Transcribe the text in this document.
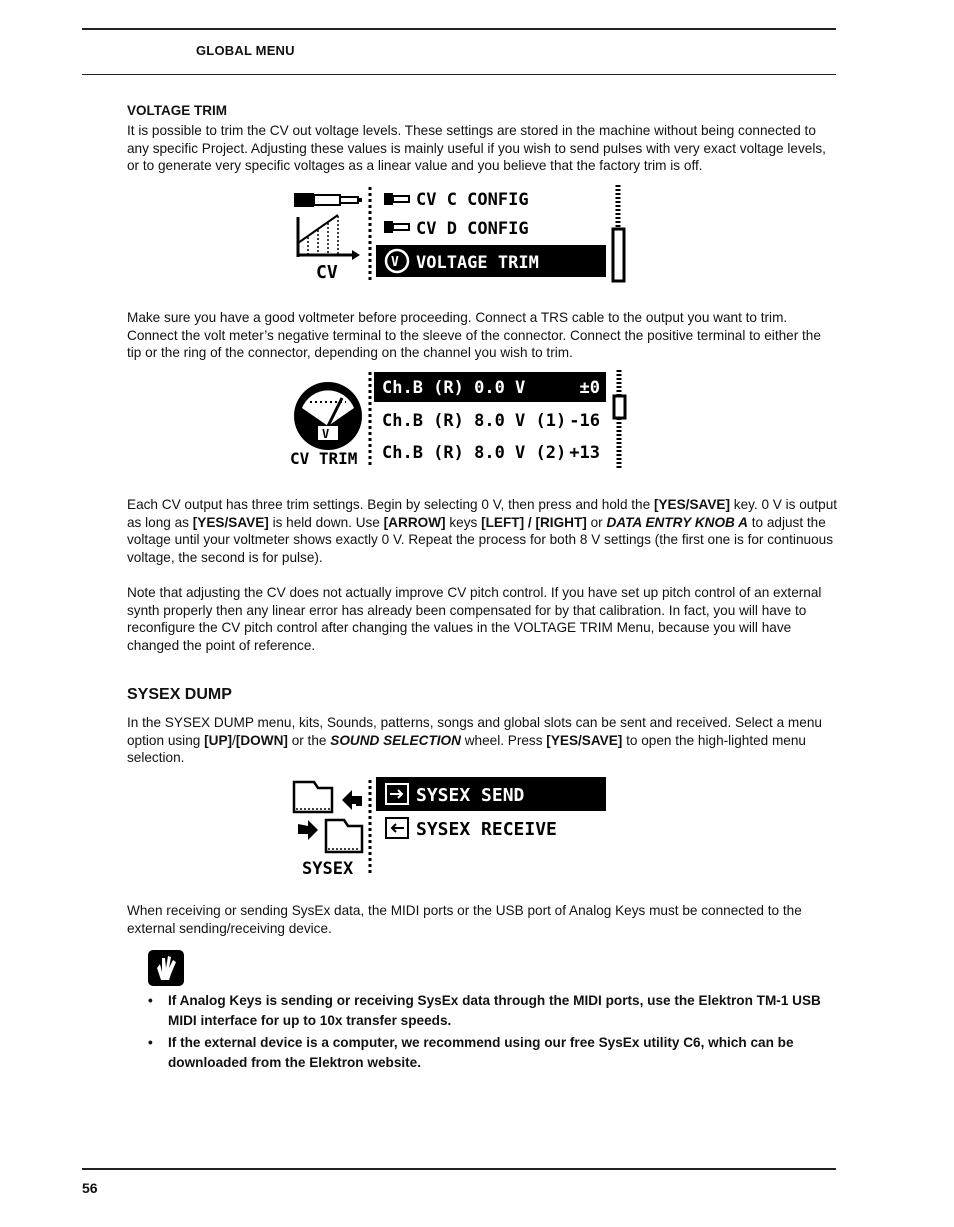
GLOBAL MENU
VOLTAGE TRIM
It is possible to trim the CV out voltage levels. These settings are stored in the machine without being connected to any specific Project. Adjusting these values is mainly useful if you wish to send pulses with very exact voltage levels, or to generate very specific voltages as a linear value and you believe that the factory trim is off.
CV
CV C CONFIG
CV D CONFIG
V VOLTAGE TRIM
Make sure you have a good voltmeter before proceeding. Connect a TRS cable to the output you want to trim. Connect the volt meter’s negative terminal to the sleeve of the connector. Connect the positive terminal to either the tip or the ring of the connector, depending on the channel you wish to trim.
V
CV TRIM
Ch.B (R) 0.0 V	±0
Ch.B (R) 8.0 V (1) -16
Ch.B (R) 8.0 V (2) +13
Each CV output has three trim settings. Begin by selecting 0 V, then press and hold the [YES/SAVE] key. 0 V is output as long as [YES/SAVE] is held down. Use [ARROW] keys [LEFT] / [RIGHT] or DATA ENTRY KNOB A to adjust the voltage until your voltmeter shows exactly 0 V. Repeat the process for both 8 V settings (the first one is for continuous voltage, the second is for pulse).
Note that adjusting the CV does not actually improve CV pitch control. If you have set up pitch control of an external synth properly then any linear error has already been compensated for by that calibration. In fact, you will have to reconfigure the CV pitch control after changing the values in the VOLTAGE TRIM Menu, because you will have changed the point of reference.
SYSEX DUMP
In the SYSEX DUMP menu, kits, Sounds, patterns, songs and global slots can be sent and received. Select a menu option using [UP]/[DOWN] or the SOUND SELECTION wheel. Press [YES/SAVE] to open the high-lighted menu selection.
SYSEX
SYSEX SEND
SYSEX RECEIVE
When receiving or sending SysEx data, the MIDI ports or the USB port of Analog Keys must be connected to the external sending/receiving device.
• If Analog Keys is sending or receiving SysEx data through the MIDI ports, use the Elektron TM-1 USB MIDI interface for up to 10x transfer speeds.
• If the external device is a computer, we recommend using our free SysEx utility C6, which can be downloaded from the Elektron website.
56
